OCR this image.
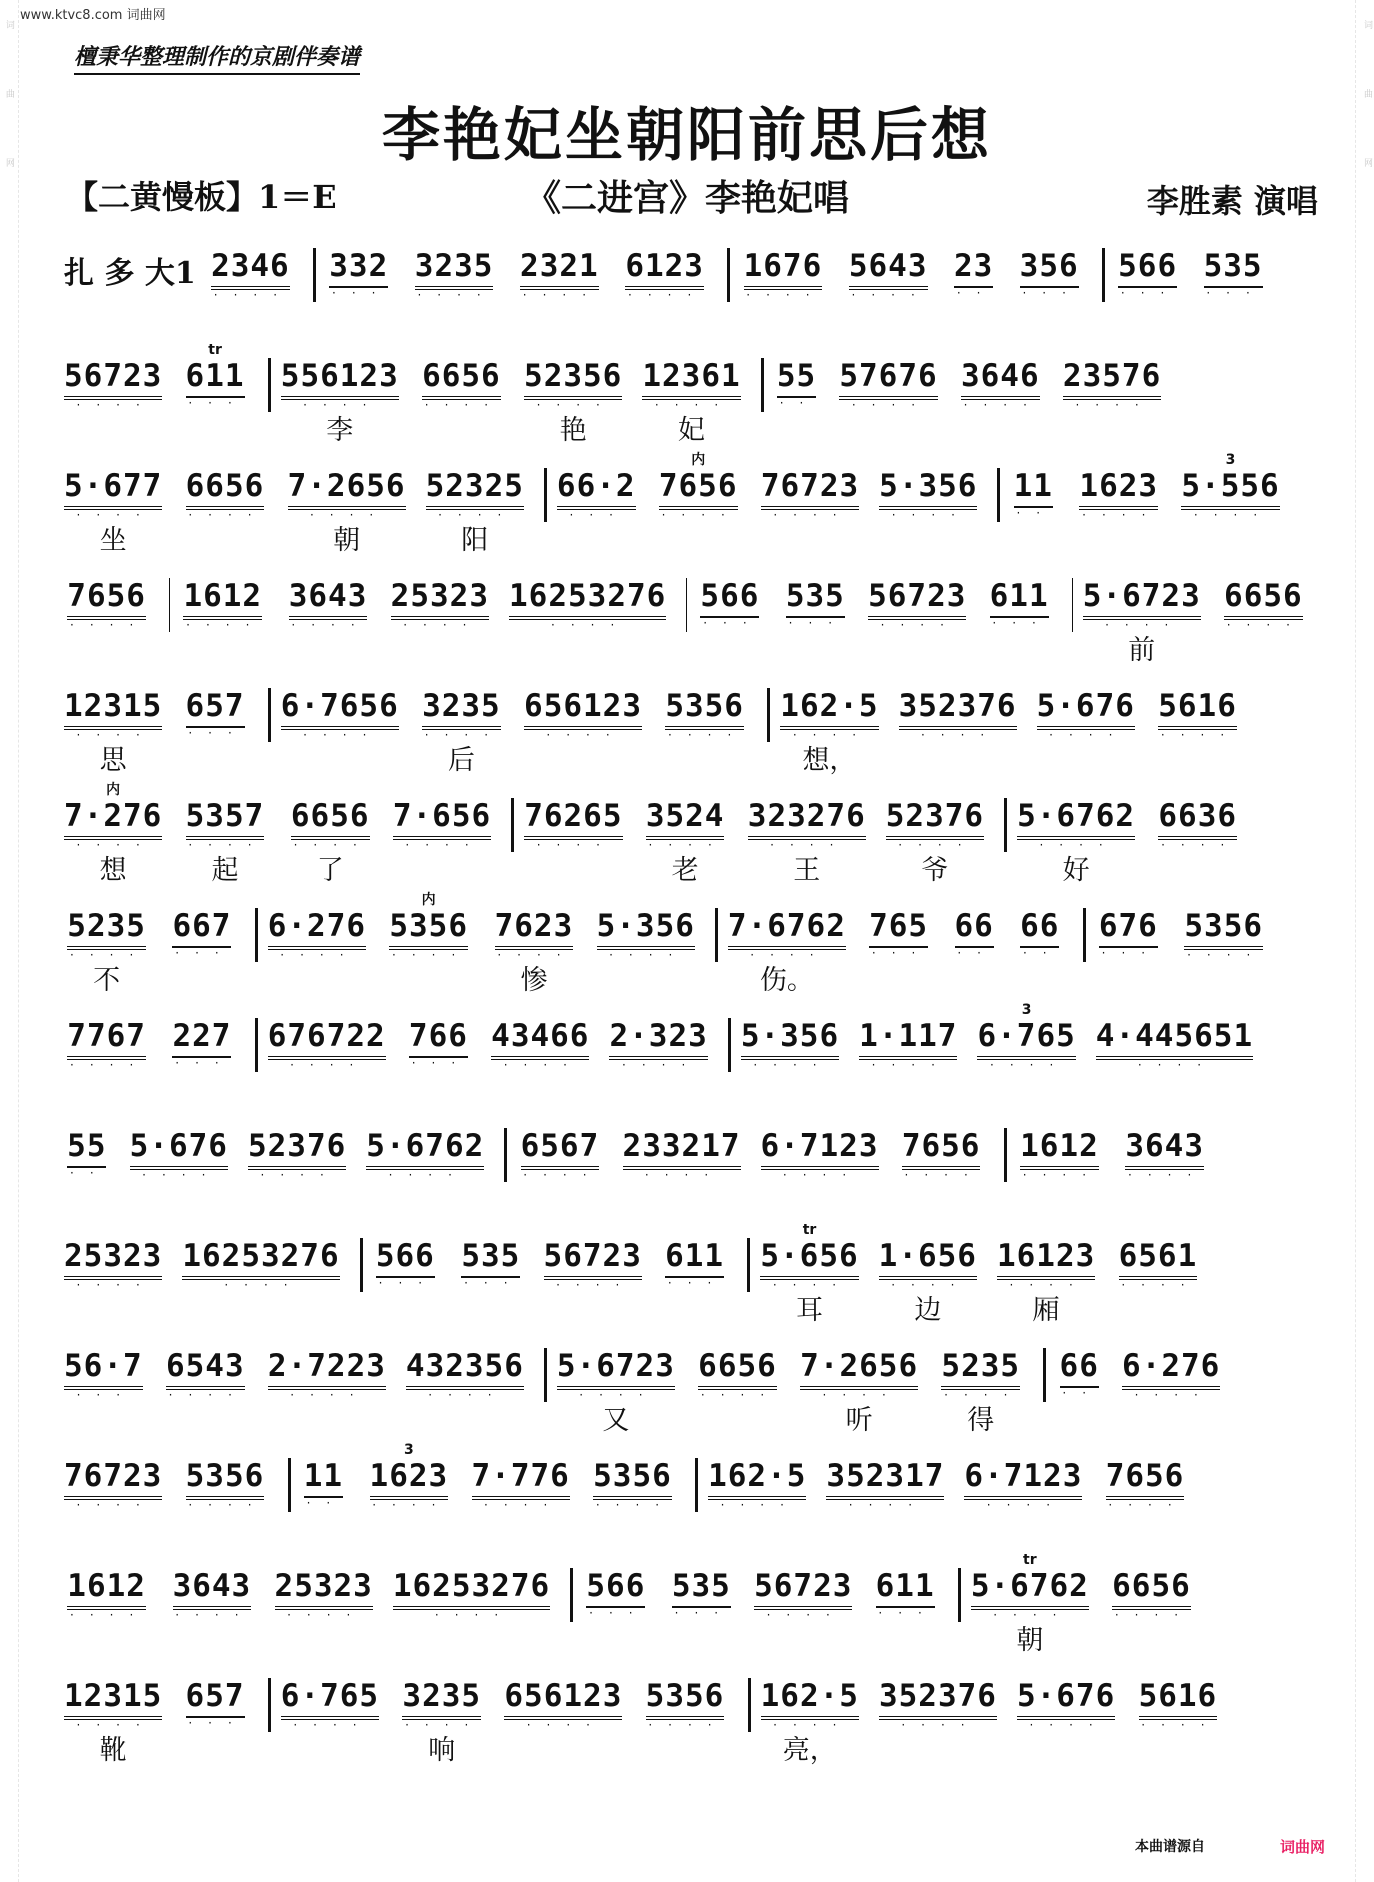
词曲网	词曲网
www.ktvc8.com 词曲网
檀秉华整理制作的京剧伴奏谱
李艳妃坐朝阳前思后想
【二黄慢板】1＝E	《二进宫》李艳妃唱	李胜素 演唱
扎 多 大1 2346
····
332
···
3235
····
2321
····
6123
····
1676
····
5643
····
23
··
356
···
566
···
535
···
56723
····
tr
611
···
556123
····
李
6656
····
52356
····
艳
12361
····
妃
55
··
57676
····
3646
····
23576
····
5·677
····
坐
6656
····
7·2656
····
朝
52325
····
阳
66·2
···
内
7656
····
76723
····
5·356
····
11
··
1623
····
3
5·556
····
7656
····
1612
····
3643
····
25323
····
16253276
····
566
···
535
···
56723
····
611
···
5·6723
····
前
6656
····
12315
····
思
657
···
6·7656
····
3235
····
后
656123
····
5356
····
162·5
····
想，
352376
····
5·676
····
5616
····
内
7·276
····
想
5357
····
起
6656
····
了
7·656
····
76265
····
3524
····
老
323276
····
王
52376
····
爷
5·6762
····
好
6636
····
5235
····
不
667
···
6·276
····
内
5356
····
7623
····
惨
5·356
····
7·6762
····
伤。
765
···
66
··
66
··
676
···
5356
····
7767
····
227
···
676722
····
766
···
43466
····
2·323
····
5·356
····
1·117
····
3
6·765
····
4·445651
····
55
··
5·676
····
52376
····
5·6762
····
6567
····
233217
····
6·7123
····
7656
····
1612
····
3643
····
25323
····
16253276
····
566
···
535
···
56723
····
611
···
tr
5·656
····
耳
1·656
····
边
16123
····
厢
6561
····
56·7
···
6543
····
2·7223
····
432356
····
5·6723
····
又
6656
····
7·2656
····
听
5235
····
得
66
··
6·276
····
76723
····
5356
····
11
··
3
1623
····
7·776
····
5356
····
162·5
····
352317
····
6·7123
····
7656
····
1612
····
3643
····
25323
····
16253276
····
566
···
535
···
56723
····
611
···
tr
5·6762
····
朝
6656
····
12315
····
靴
657
···
6·765
····
3235
····
响
656123
····
5356
····
162·5
····
亮，
352376
····
5·676
····
5616
····
本曲谱源自	词曲网
